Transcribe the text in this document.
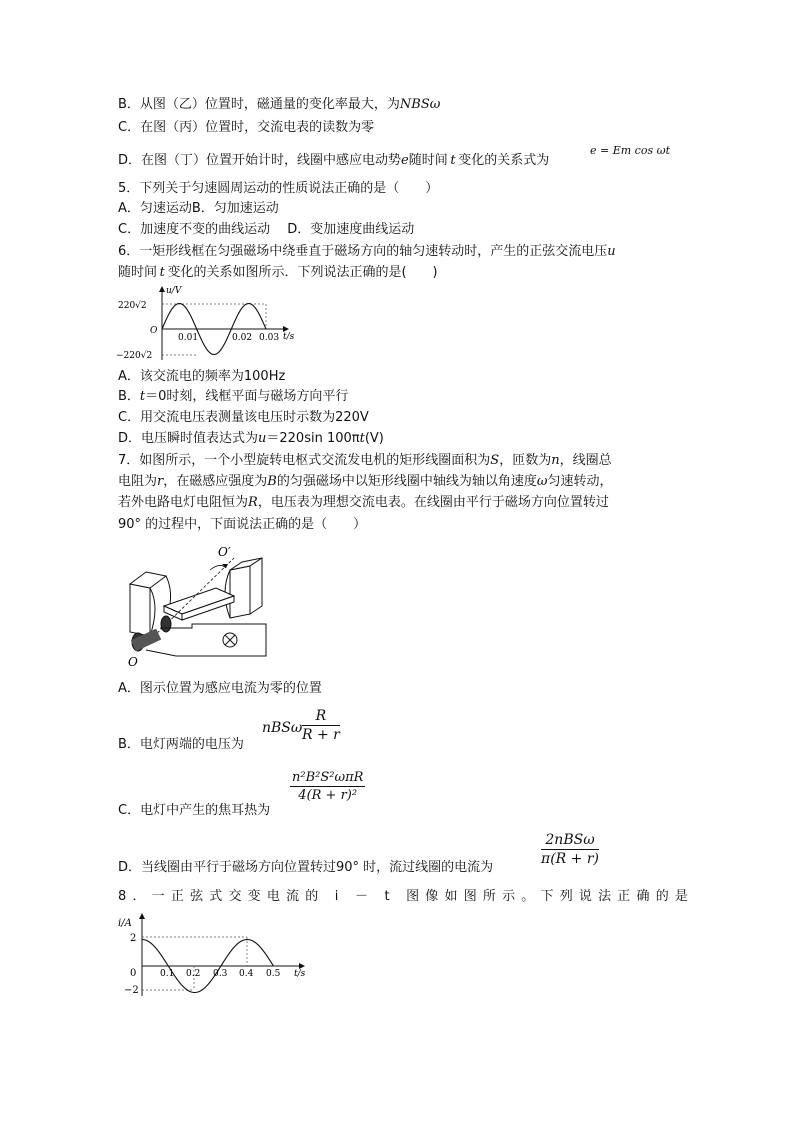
B．从图（乙）位置时，磁通量的变化率最大，为NBSω
C．在图（丙）位置时，交流电表的读数为零
D．在图（丁）位置开始计时，线圈中感应电动势e随时间  t  变化的关系式为
e = Em cos ωt
5．下列关于匀速圆周运动的性质说法正确的是（　　）
A．匀速运动B．匀加速运动
C．加速度不变的曲线运动　 D．变加速度曲线运动
6．一矩形线框在匀强磁场中绕垂直于磁场方向的轴匀速转动时，产生的正弦交流电压u
随时间  t  变化的关系如图所示．下列说法正确的是(　　)
u/V
t/s
220√2
−220√2
O
0.01	0.02 0.03
A．该交流电的频率为100Hz
B．t＝0时刻，线框平面与磁场方向平行
C．用交流电压表测量该电压时示数为220V
D．电压瞬时值表达式为u＝220sin 100πt(V)
7．如图所示，一个小型旋转电枢式交流发电机的矩形线圈面积为S，匝数为n，线圈总
电阻为r，在磁感应强度为B的匀强磁场中以矩形线圈中轴线为轴以角速度ω匀速转动，
若外电路电灯电阻恒为R，电压表为理想交流电表。在线圈由平行于磁场方向位置转过
90° 的过程中，下面说法正确的是（　　）
O′
O
A．图示位置为感应电流为零的位置
B．电灯两端的电压为
nBSω $\frac{R}{R + r}$
C．电灯中产生的焦耳热为
n²B²S²ωπR
4(R + r)²
D．当线圈由平行于磁场方向位置转过90° 时，流过线圈的电流为
2nBSω
π(R + r)
8．一正弦式交变电流的 i － t 图像如图所示。下列说法正确的是
i/A
t/s
2
−2
0	0.1 0.2 0.3 0.4 0.5
